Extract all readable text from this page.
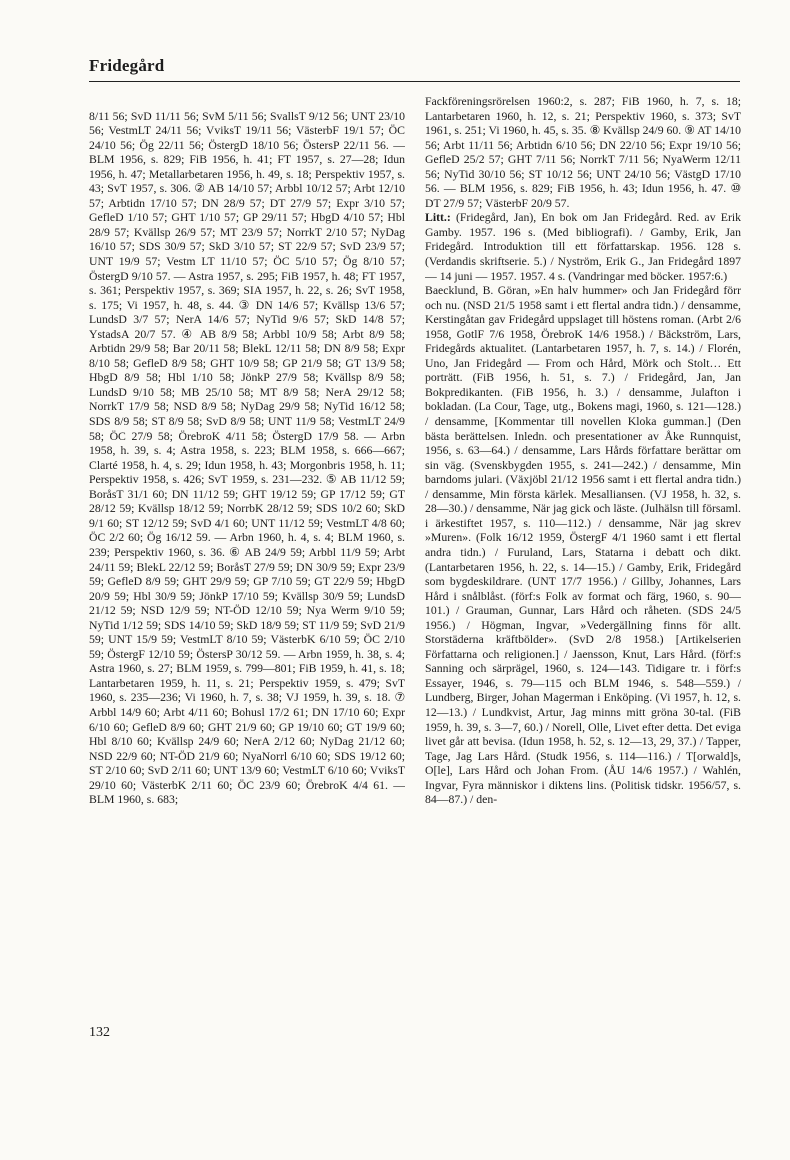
Fridegård

8/11 56; SvD 11/11 56; SvM 5/11 56; SvallsT 9/12 56; UNT 23/10 56; VestmLT 24/11 56; VviksT 19/11 56; VästerbF 19/1 57; ÖC 24/10 56; Ög 22/11 56; ÖstergD 18/10 56; ÖstersP 22/11 56. — BLM 1956, s. 829; FiB 1956, h. 41; FT 1957, s. 27—28; Idun 1956, h. 47; Metallarbetaren 1956, h. 49, s. 18; Perspektiv 1957, s. 43; SvT 1957, s. 306. ② AB 14/10 57; Arbbl 10/12 57; Arbt 12/10 57; Arbtidn 17/10 57; DN 28/9 57; DT 27/9 57; Expr 3/10 57; GefleD 1/10 57; GHT 1/10 57; GP 29/11 57; HbgD 4/10 57; Hbl 28/9 57; Kvällsp 26/9 57; MT 23/9 57; NorrkT 2/10 57; NyDag 16/10 57; SDS 30/9 57; SkD 3/10 57; ST 22/9 57; SvD 23/9 57; UNT 19/9 57; Vestm LT 11/10 57; ÖC 5/10 57; Ög 8/10 57; ÖstergD 9/10 57. — Astra 1957, s. 295; FiB 1957, h. 48; FT 1957, s. 361; Perspektiv 1957, s. 369; SIA 1957, h. 22, s. 26; SvT 1958, s. 175; Vi 1957, h. 48, s. 44. ③ DN 14/6 57; Kvällsp 13/6 57; LundsD 3/7 57; NerA 14/6 57; NyTid 9/6 57; SkD 14/8 57; YstadsA 20/7 57. ④ AB 8/9 58; Arbbl 10/9 58; Arbt 8/9 58; Arbtidn 29/9 58; Bar 20/11 58; BlekL 12/11 58; DN 8/9 58; Expr 8/10 58; GefleD 8/9 58; GHT 10/9 58; GP 21/9 58; GT 13/9 58; HbgD 8/9 58; Hbl 1/10 58; JönkP 27/9 58; Kvällsp 8/9 58; LundsD 9/10 58; MB 25/10 58; MT 8/9 58; NerA 29/12 58; NorrkT 17/9 58; NSD 8/9 58; NyDag 29/9 58; NyTid 16/12 58; SDS 8/9 58; ST 8/9 58; SvD 8/9 58; UNT 11/9 58; VestmLT 24/9 58; ÖC 27/9 58; ÖrebroK 4/11 58; ÖstergD 17/9 58. — Arbn 1958, h. 39, s. 4; Astra 1958, s. 223; BLM 1958, s. 666—667; Clarté 1958, h. 4, s. 29; Idun 1958, h. 43; Morgonbris 1958, h. 11; Perspektiv 1958, s. 426; SvT 1959, s. 231—232. ⑤ AB 11/12 59; BoråsT 31/1 60; DN 11/12 59; GHT 19/12 59; GP 17/12 59; GT 28/12 59; Kvällsp 18/12 59; NorrbK 28/12 59; SDS 10/2 60; SkD 9/1 60; ST 12/12 59; SvD 4/1 60; UNT 11/12 59; VestmLT 4/8 60; ÖC 2/2 60; Ög 16/12 59. — Arbn 1960, h. 4, s. 4; BLM 1960, s. 239; Perspektiv 1960, s. 36. ⑥ AB 24/9 59; Arbbl 11/9 59; Arbt 24/11 59; BlekL 22/12 59; BoråsT 27/9 59; DN 30/9 59; Expr 23/9 59; GefleD 8/9 59; GHT 29/9 59; GP 7/10 59; GT 22/9 59; HbgD 20/9 59; Hbl 30/9 59; JönkP 17/10 59; Kvällsp 30/9 59; LundsD 21/12 59; NSD 12/9 59; NT-ÖD 12/10 59; Nya Werm 9/10 59; NyTid 1/12 59; SDS 14/10 59; SkD 18/9 59; ST 11/9 59; SvD 21/9 59; UNT 15/9 59; VestmLT 8/10 59; VästerbK 6/10 59; ÖC 2/10 59; ÖstergF 12/10 59; ÖstersP 30/12 59. — Arbn 1959, h. 38, s. 4; Astra 1960, s. 27; BLM 1959, s. 799—801; FiB 1959, h. 41, s. 18; Lantarbetaren 1959, h. 11, s. 21; Perspektiv 1959, s. 479; SvT 1960, s. 235—236; Vi 1960, h. 7, s. 38; VJ 1959, h. 39, s. 18. ⑦ Arbbl 14/9 60; Arbt 4/11 60; Bohusl 17/2 61; DN 17/10 60; Expr 6/10 60; GefleD 8/9 60; GHT 21/9 60; GP 19/10 60; GT 19/9 60; Hbl 8/10 60; Kvällsp 24/9 60; NerA 2/12 60; NyDag 21/12 60; NSD 22/9 60; NT-ÖD 21/9 60; NyaNorrl 6/10 60; SDS 19/12 60; ST 2/10 60; SvD 2/11 60; UNT 13/9 60; VestmLT 6/10 60; VviksT 29/10 60; VästerbK 2/11 60; ÖC 23/9 60; ÖrebroK 4/4 61. — BLM 1960, s. 683;

Fackföreningsrörelsen 1960:2, s. 287; FiB 1960, h. 7, s. 18; Lantarbetaren 1960, h. 12, s. 21; Perspektiv 1960, s. 373; SvT 1961, s. 251; Vi 1960, h. 45, s. 35. ⑧ Kvällsp 24/9 60. ⑨ AT 14/10 56; Arbt 11/11 56; Arbtidn 6/10 56; DN 22/10 56; Expr 19/10 56; GefleD 25/2 57; GHT 7/11 56; NorrkT 7/11 56; NyaWerm 12/11 56; NyTid 30/10 56; ST 10/12 56; UNT 24/10 56; VästgD 17/10 56. — BLM 1956, s. 829; FiB 1956, h. 43; Idun 1956, h. 47. ⑩ DT 27/9 57; VästerbF 20/9 57.

Litt.: (Fridegård, Jan), En bok om Jan Fridegård. Red. av Erik Gamby. 1957. 196 s. (Med bibliografi). / Gamby, Erik, Jan Fridegård. Introduktion till ett författarskap. 1956. 128 s. (Verdandis skriftserie. 5.) / Nyström, Erik G., Jan Fridegård 1897 — 14 juni — 1957. 1957. 4 s. (Vandringar med böcker. 1957:6.)
Baecklund, B. Göran, »En halv hummer» och Jan Fridegård förr och nu. (NSD 21/5 1958 samt i ett flertal andra tidn.) / densamme, Kerstingåtan gav Fridegård uppslaget till höstens roman. (Arbt 2/6 1958, GotlF 7/6 1958, ÖrebroK 14/6 1958.) / Bäckström, Lars, Fridegårds aktualitet. (Lantarbetaren 1957, h. 7, s. 14.) / Florén, Uno, Jan Fridegård — From och Hård, Mörk och Stolt… Ett porträtt. (FiB 1956, h. 51, s. 7.) / Fridegård, Jan, Jan Bokpredikanten. (FiB 1956, h. 3.) / densamme, Julafton i bokladan. (La Cour, Tage, utg., Bokens magi, 1960, s. 121—128.) / densamme, [Kommentar till novellen Kloka gumman.] (Den bästa berättelsen. Inledn. och presentationer av Åke Runnquist, 1956, s. 63—64.) / densamme, Lars Hårds författare berättar om sin väg. (Svenskbygden 1955, s. 241—242.) / densamme, Min barndoms julari. (Växjöbl 21/12 1956 samt i ett flertal andra tidn.) / densamme, Min första kärlek. Mesalliansen. (VJ 1958, h. 32, s. 28—30.) / densamme, När jag gick och läste. (Julhälsn till församl. i ärkestiftet 1957, s. 110—112.) / densamme, När jag skrev »Muren». (Folk 16/12 1959, ÖstergF 4/1 1960 samt i ett flertal andra tidn.) / Furuland, Lars, Statarna i debatt och dikt. (Lantarbetaren 1956, h. 22, s. 14—15.) / Gamby, Erik, Fridegård som bygdeskildrare. (UNT 17/7 1956.) / Gillby, Johannes, Lars Hård i snålblåst. (förf:s Folk av format och färg, 1960, s. 90—101.) / Grauman, Gunnar, Lars Hård och råheten. (SDS 24/5 1956.) / Högman, Ingvar, »Vedergällning finns för allt. Storstäderna kräftbölder». (SvD 2/8 1958.) [Artikelserien Författarna och religionen.] / Jaensson, Knut, Lars Hård. (förf:s Sanning och särprägel, 1960, s. 124—143. Tidigare tr. i förf:s Essayer, 1946, s. 79—115 och BLM 1946, s. 548—559.) / Lundberg, Birger, Johan Magerman i Enköping. (Vi 1957, h. 12, s. 12—13.) / Lundkvist, Artur, Jag minns mitt gröna 30-tal. (FiB 1959, h. 39, s. 3—7, 60.) / Norell, Olle, Livet efter detta. Det eviga livet går att bevisa. (Idun 1958, h. 52, s. 12—13, 29, 37.) / Tapper, Tage, Jag Lars Hård. (Studk 1956, s. 114—116.) / T[orwald]s, O[le], Lars Hård och Johan From. (ÅU 14/6 1957.) / Wahlén, Ingvar, Fyra människor i diktens lins. (Politisk tidskr. 1956/57, s. 84—87.) / den-

132
